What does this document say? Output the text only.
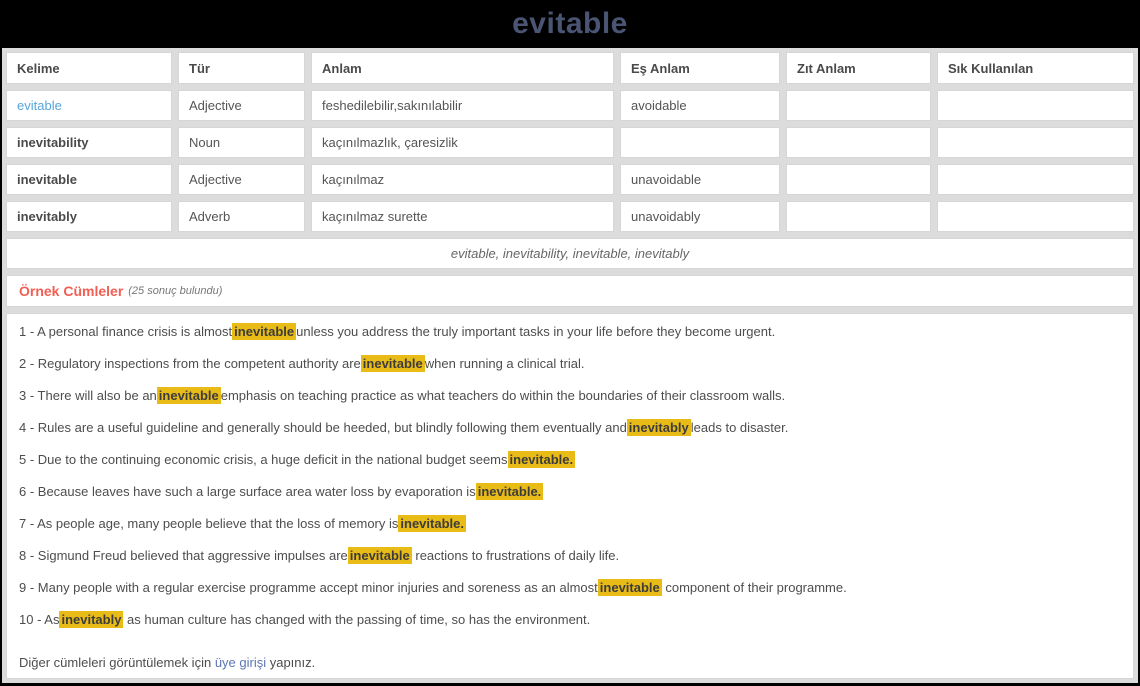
evitable
Kelime	Tür	Anlam	Eş Anlam	Zıt Anlam	Sık Kullanılan
evitable	Adjective	feshedilebilir,sakınılabilir	avoidable
inevitability	Noun	kaçınılmazlık, çaresizlik
inevitable	Adjective	kaçınılmaz	unavoidable
inevitably	Adverb	kaçınılmaz surette	unavoidably
evitable, inevitability, inevitable, inevitably
Örnek Cümleler (25 sonuç bulundu)
1 - A personal finance crisis is almost inevitable unless you address the truly important tasks in your life before they become urgent.
2 - Regulatory inspections from the competent authority are inevitable when running a clinical trial.
3 - There will also be an inevitable emphasis on teaching practice as what teachers do within the boundaries of their classroom walls.
4 - Rules are a useful guideline and generally should be heeded, but blindly following them eventually and inevitably leads to disaster.
5 - Due to the continuing economic crisis, a huge deficit in the national budget seems inevitable.
6 - Because leaves have such a large surface area water loss by evaporation is inevitable.
7 - As people age, many people believe that the loss of memory is inevitable.
8 - Sigmund Freud believed that aggressive impulses are inevitable reactions to frustrations of daily life.
9 - Many people with a regular exercise programme accept minor injuries and soreness as an almost inevitable component of their programme.
10 - As inevitably as human culture has changed with the passing of time, so has the environment.
Diğer cümleleri görüntülemek için üye girişi yapınız.
